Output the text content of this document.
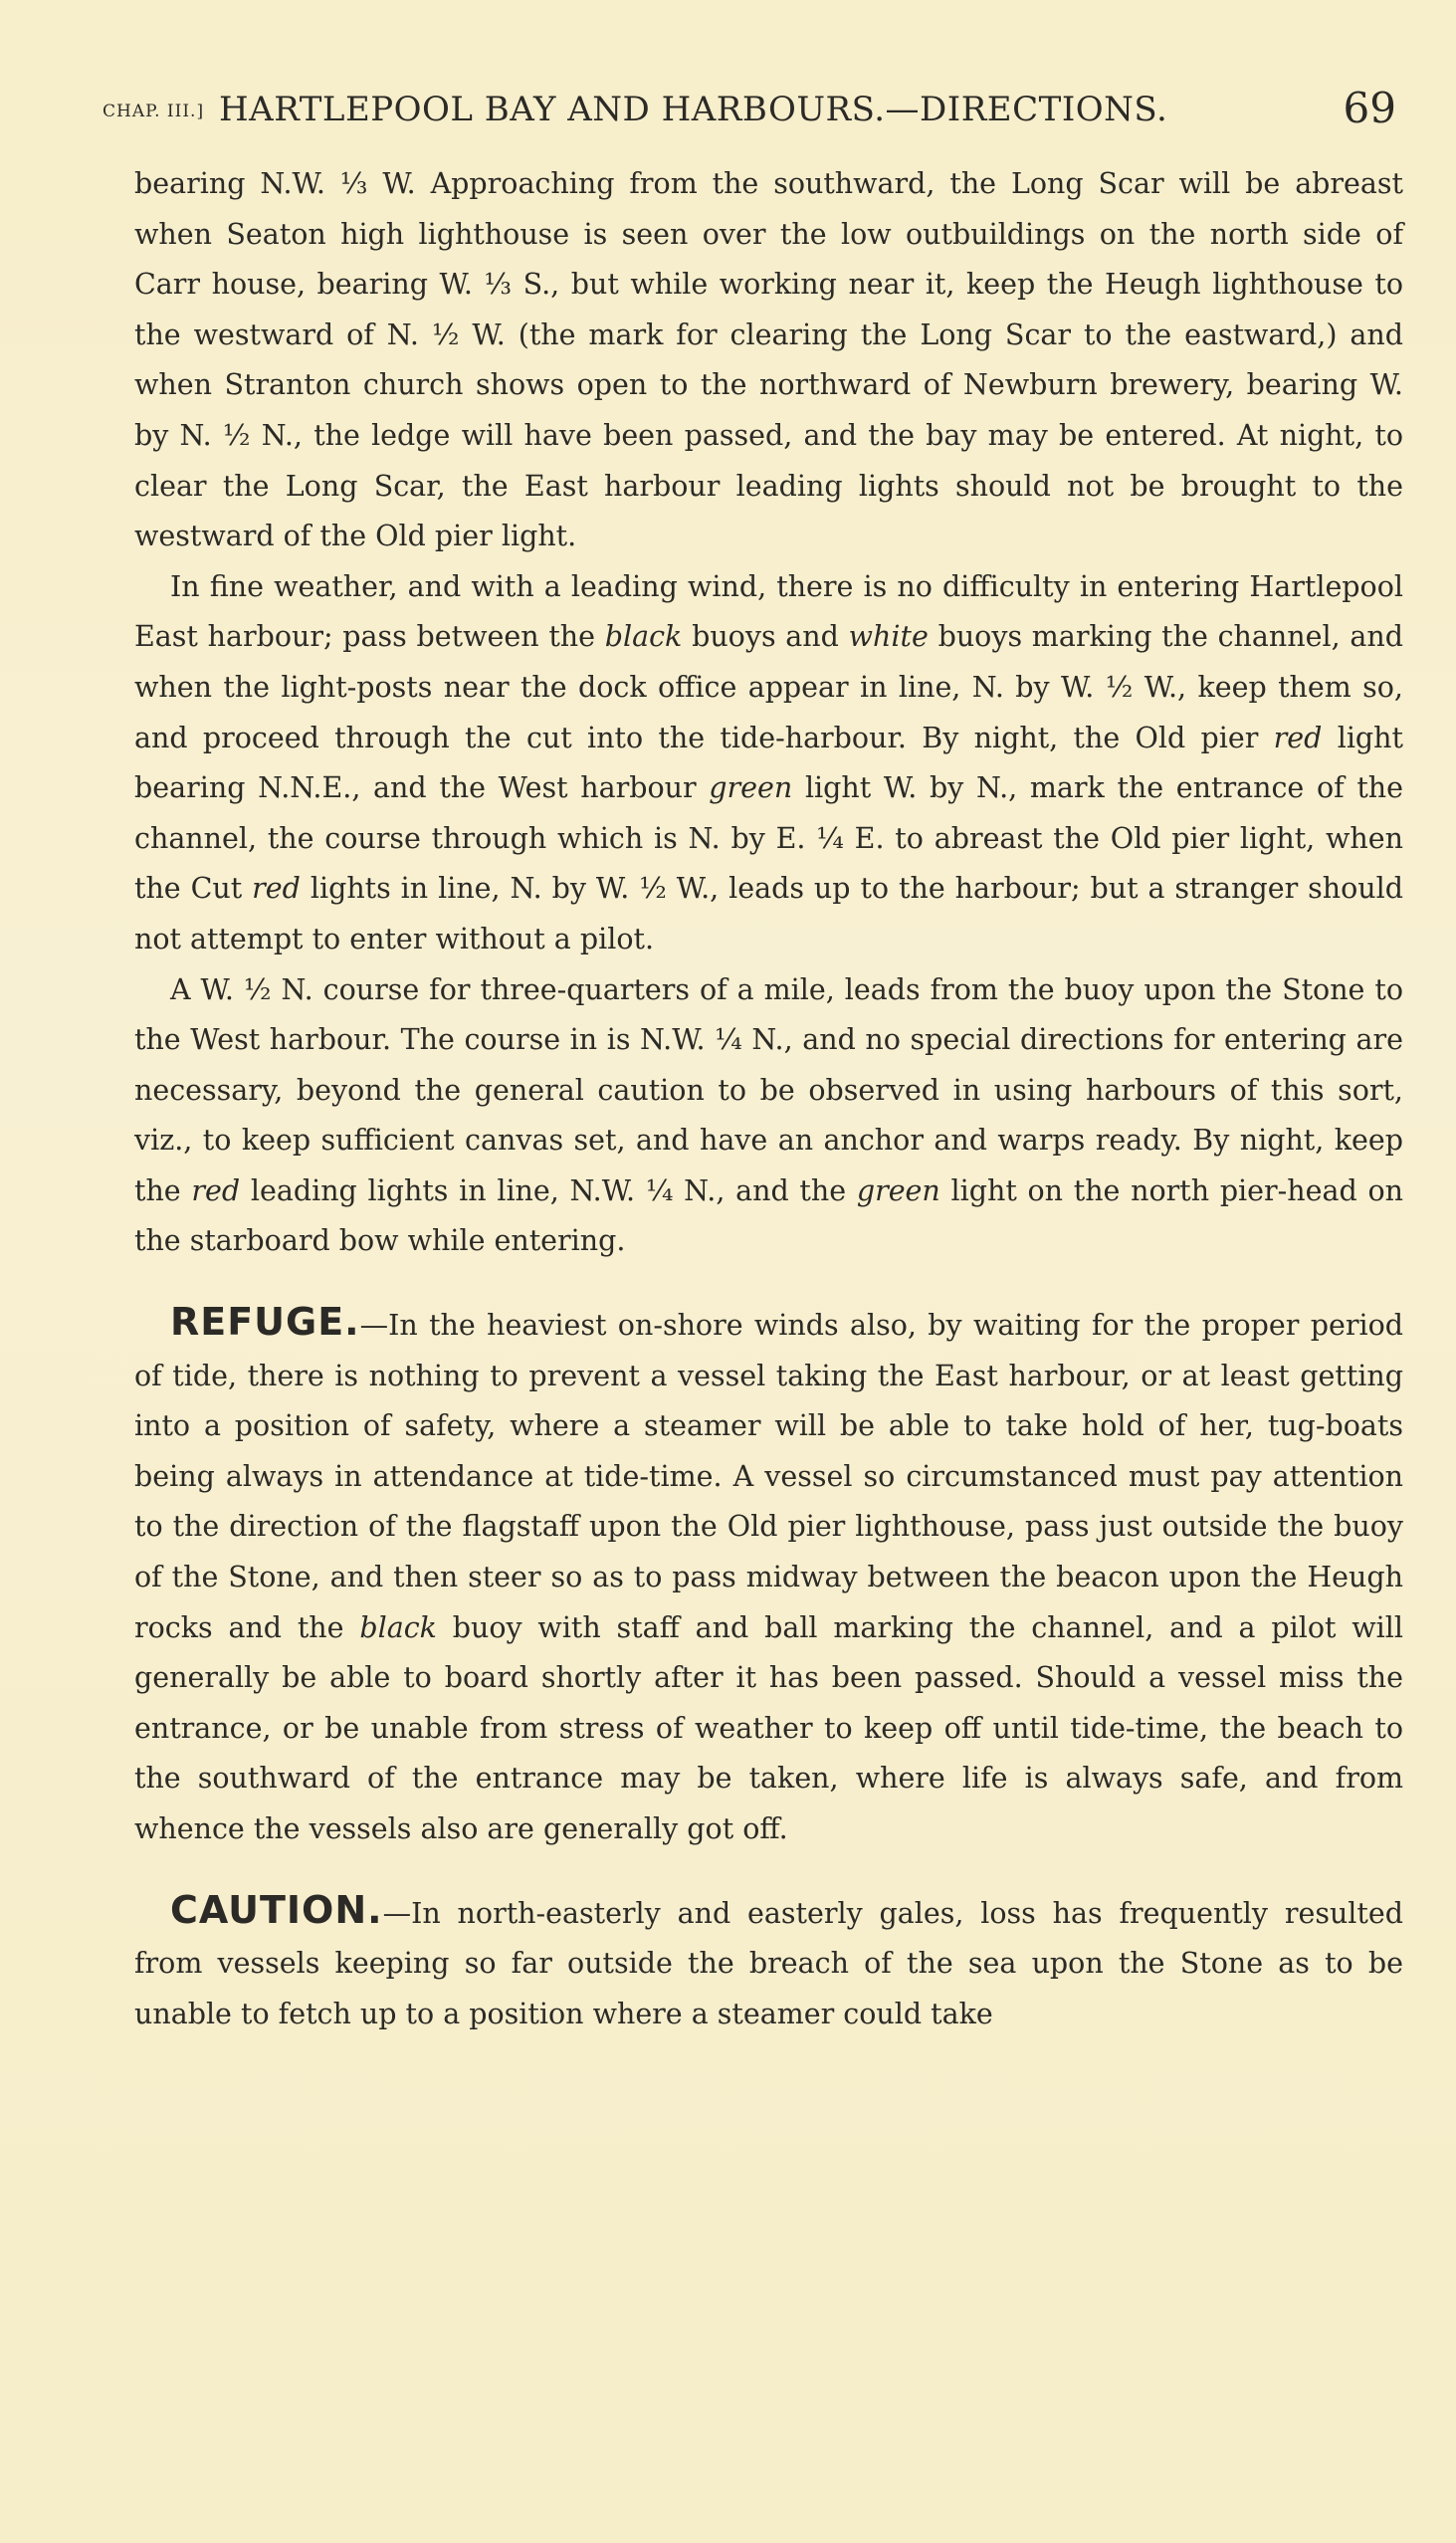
CHAP. III.] HARTLEPOOL BAY AND HARBOURS.—DIRECTIONS.	69

bearing N.W. ⅓ W. Approaching from the southward, the Long Scar will be abreast when Seaton high lighthouse is seen over the low outbuildings on the north side of Carr house, bearing W. ⅓ S., but while working near it, keep the Heugh lighthouse to the westward of N. ½ W. (the mark for clearing the Long Scar to the eastward,) and when Stranton church shows open to the northward of Newburn brewery, bearing W. by N. ½ N., the ledge will have been passed, and the bay may be entered. At night, to clear the Long Scar, the East harbour leading lights should not be brought to the westward of the Old pier light.

In fine weather, and with a leading wind, there is no difficulty in entering Hartlepool East harbour; pass between the black buoys and white buoys marking the channel, and when the light-posts near the dock office appear in line, N. by W. ½ W., keep them so, and proceed through the cut into the tide-harbour. By night, the Old pier red light bearing N.N.E., and the West harbour green light W. by N., mark the entrance of the channel, the course through which is N. by E. ¼ E. to abreast the Old pier light, when the Cut red lights in line, N. by W. ½ W., leads up to the harbour; but a stranger should not attempt to enter without a pilot.

A W. ½ N. course for three-quarters of a mile, leads from the buoy upon the Stone to the West harbour. The course in is N.W. ¼ N., and no special directions for entering are necessary, beyond the general caution to be observed in using harbours of this sort, viz., to keep sufficient canvas set, and have an anchor and warps ready. By night, keep the red leading lights in line, N.W. ¼ N., and the green light on the north pier-head on the starboard bow while entering.

REFUGE.—In the heaviest on-shore winds also, by waiting for the proper period of tide, there is nothing to prevent a vessel taking the East harbour, or at least getting into a position of safety, where a steamer will be able to take hold of her, tug-boats being always in attendance at tide-time. A vessel so circumstanced must pay attention to the direction of the flagstaff upon the Old pier lighthouse, pass just outside the buoy of the Stone, and then steer so as to pass midway between the beacon upon the Heugh rocks and the black buoy with staff and ball marking the channel, and a pilot will generally be able to board shortly after it has been passed. Should a vessel miss the entrance, or be unable from stress of weather to keep off until tide-time, the beach to the southward of the entrance may be taken, where life is always safe, and from whence the vessels also are generally got off.

CAUTION.—In north-easterly and easterly gales, loss has frequently resulted from vessels keeping so far outside the breach of the sea upon the Stone as to be unable to fetch up to a position where a steamer could take
